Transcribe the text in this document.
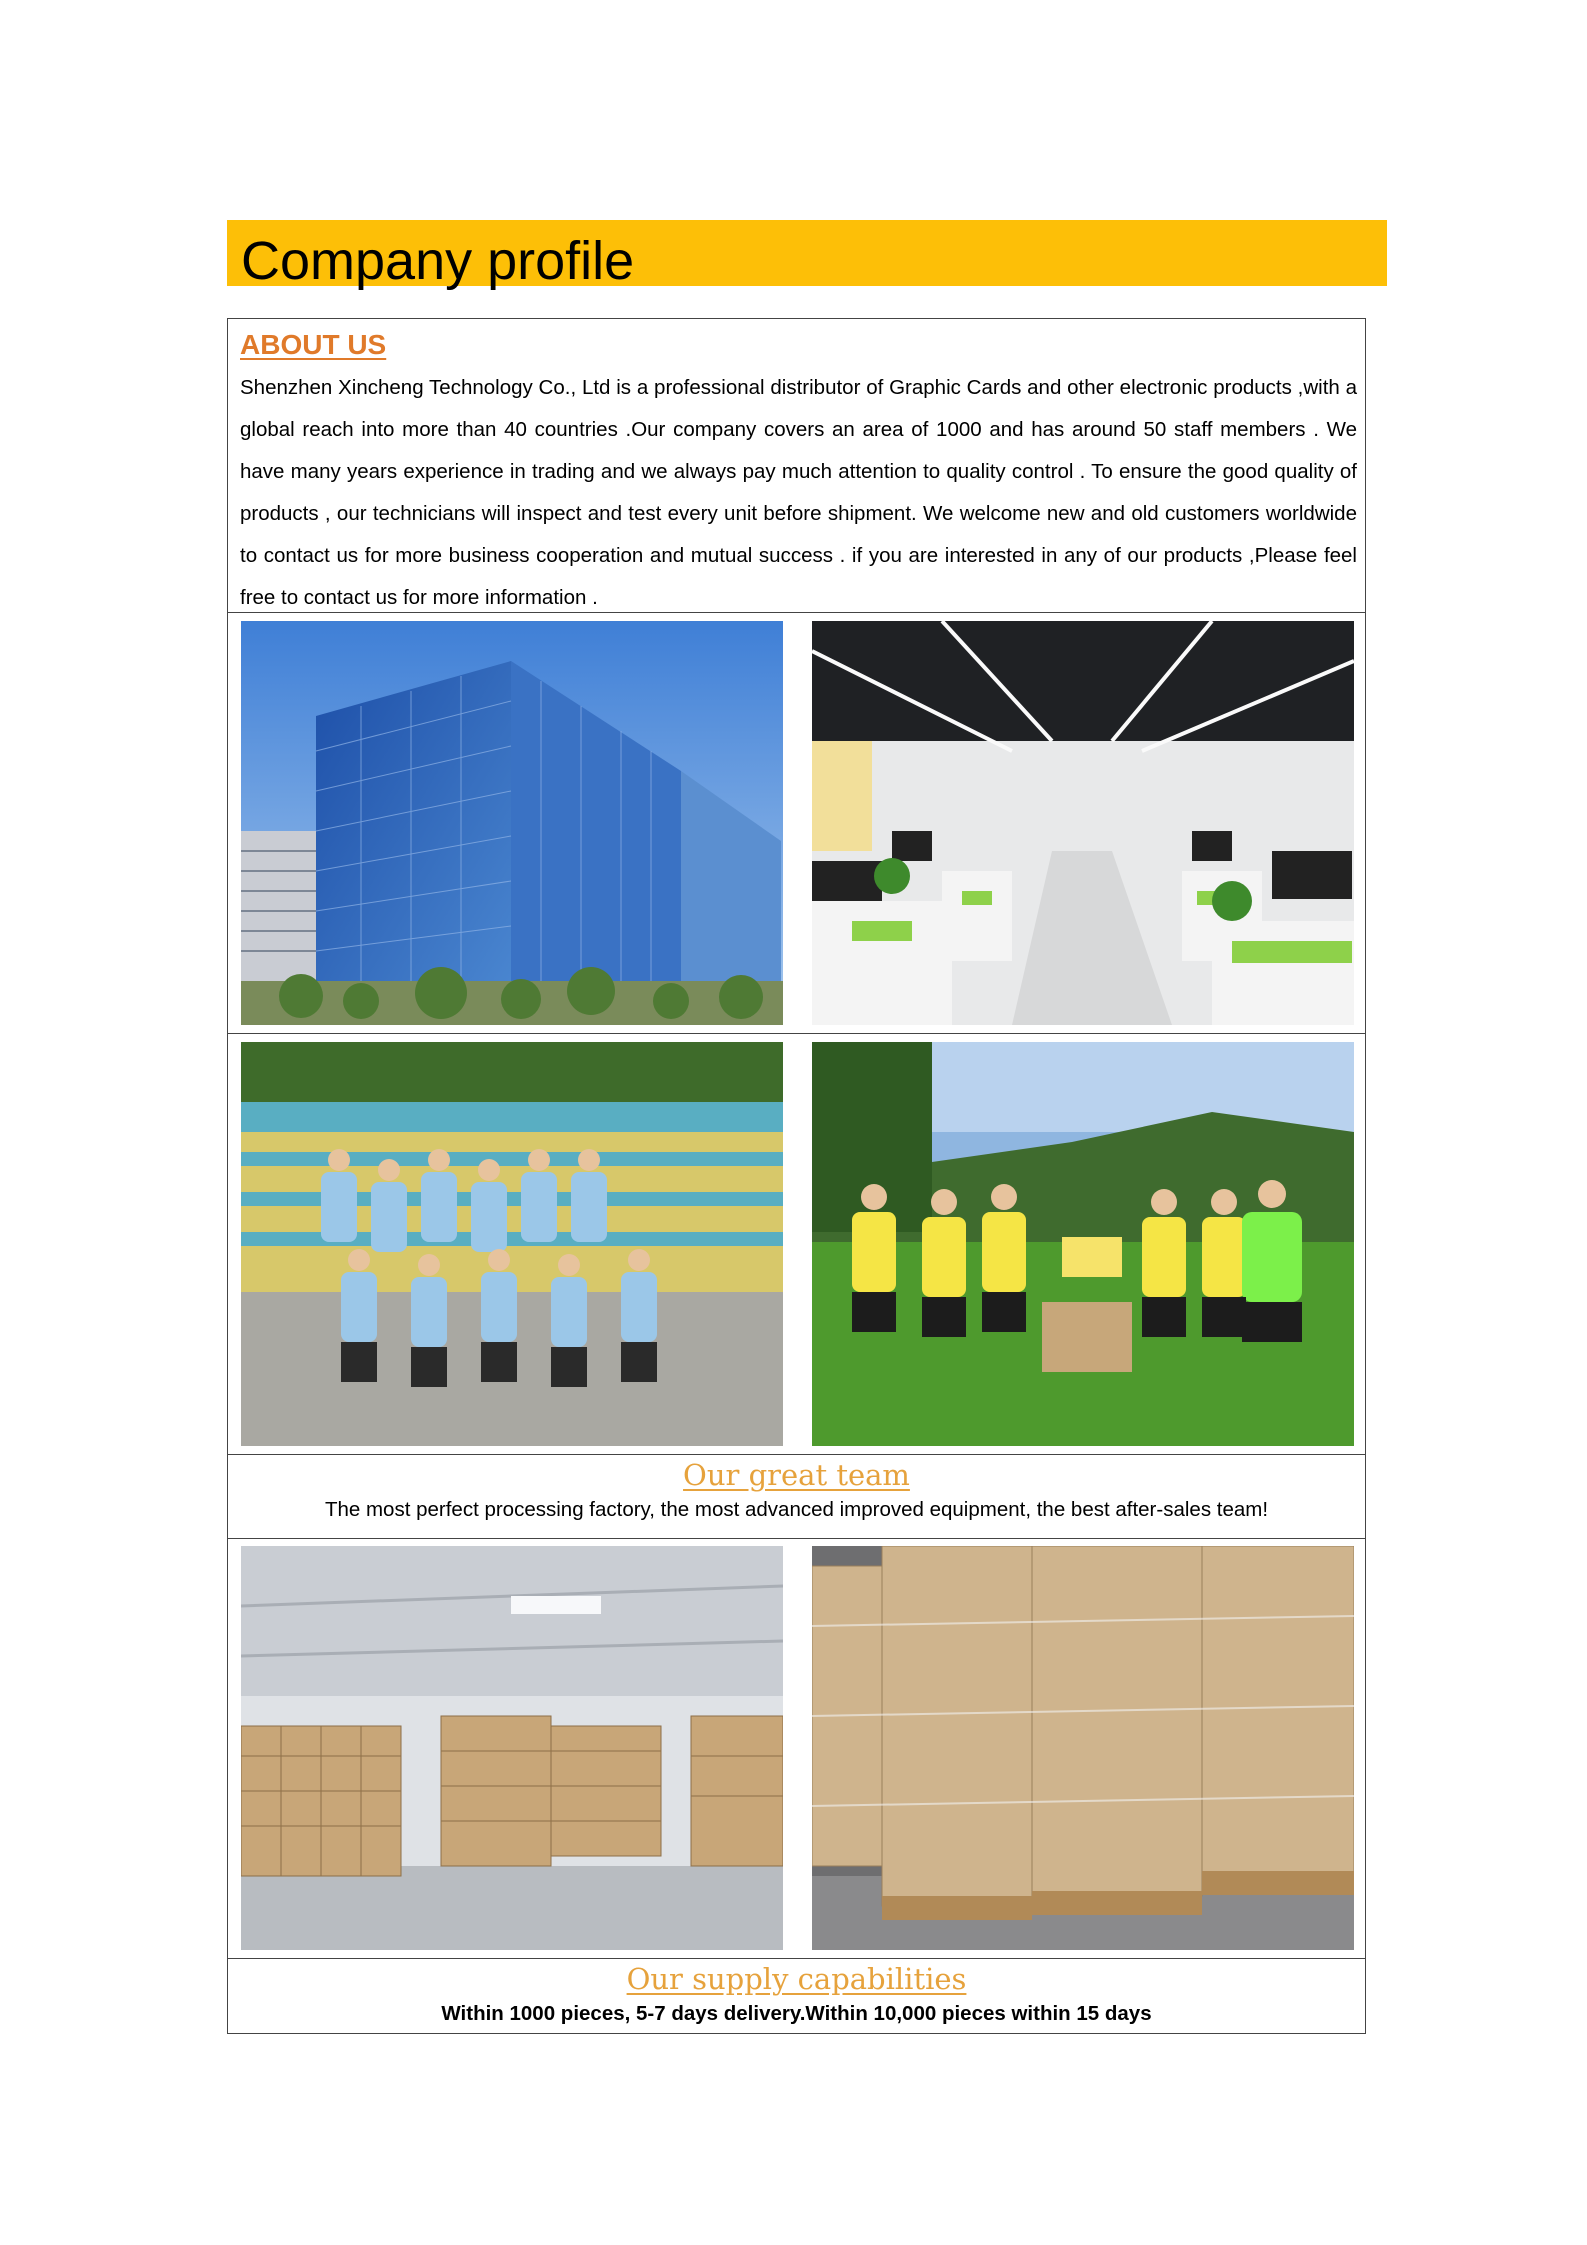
Company profile

ABOUT US

Shenzhen Xincheng Technology Co., Ltd is a professional distributor of Graphic Cards and other electronic products ,with a global reach into more than 40 countries .Our company covers an area of 1000 and has around 50 staff members . We have many years experience in trading and we always pay much attention to quality control . To ensure the good quality of products , our technicians will inspect and test every unit before shipment. We welcome new and old customers worldwide to contact us for more business cooperation and mutual success . if you are interested in any of our products ,Please feel free to contact us for more information .

Our great team
The most perfect processing factory, the most advanced improved equipment, the best after-sales team!
Our supply capabilities
Within 1000 pieces, 5-7 days delivery.Within 10,000 pieces within 15 days
